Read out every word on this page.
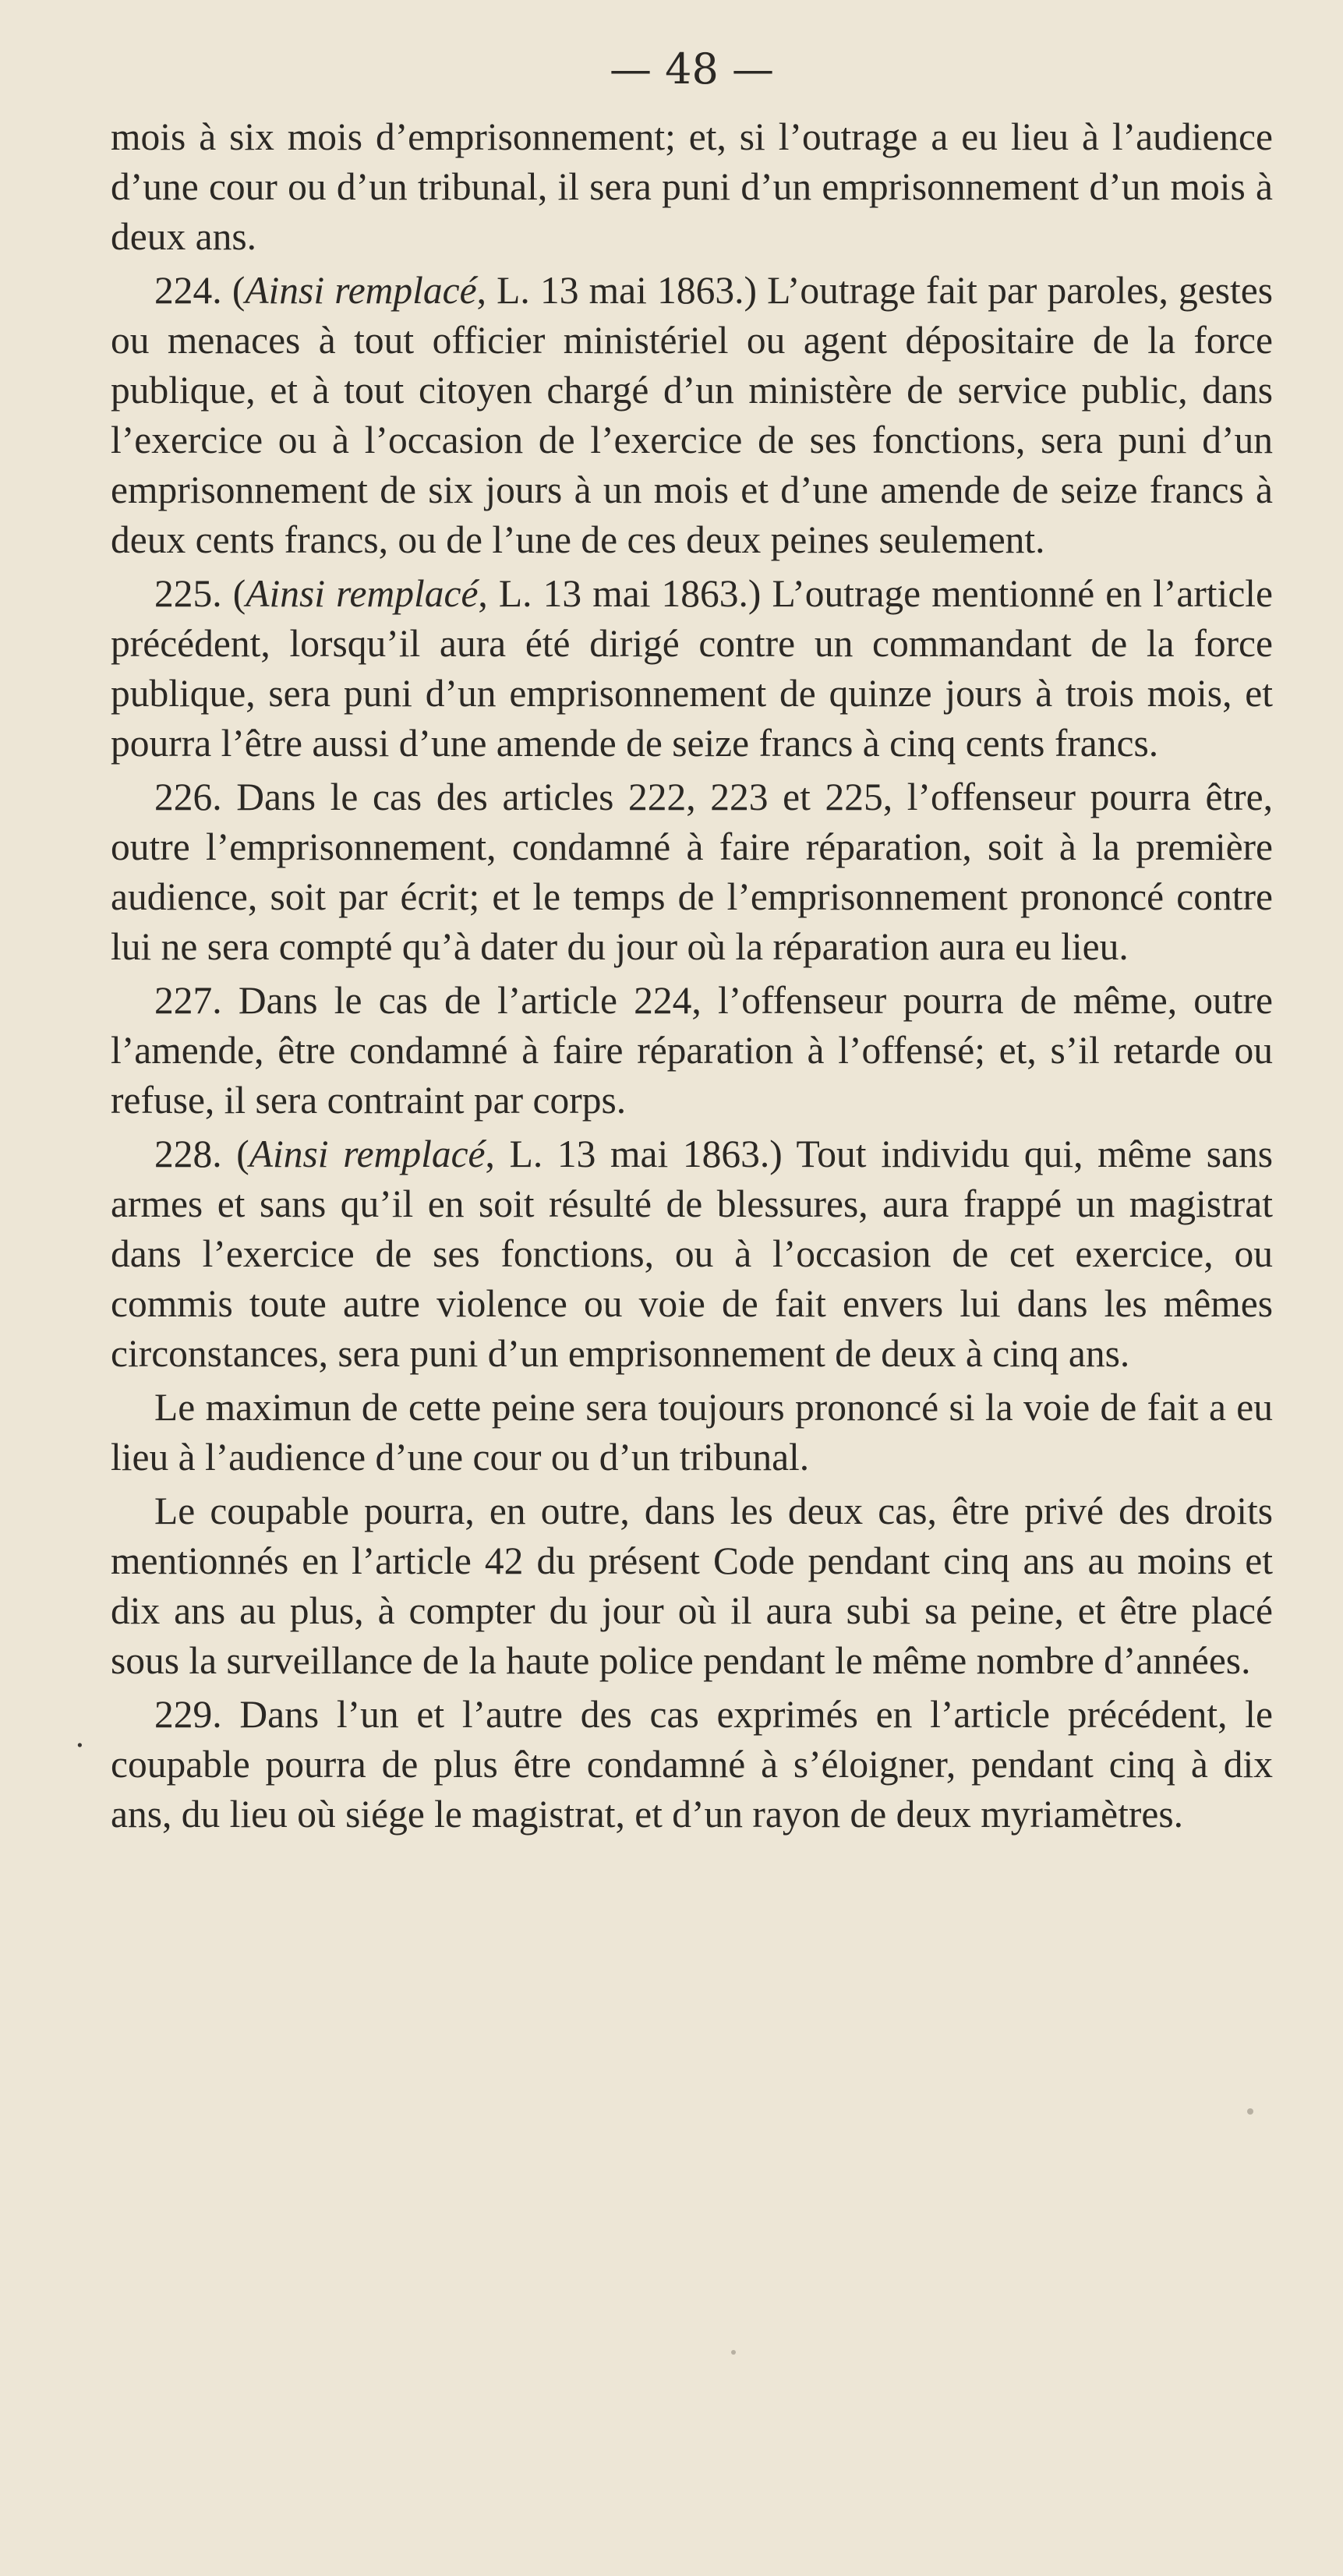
— 48 —

mois à six mois d’emprisonnement; et, si l’outrage a eu lieu à l’audience d’une cour ou d’un tribunal, il sera puni d’un emprisonnement d’un mois à deux ans.

224. (Ainsi remplacé, L. 13 mai 1863.) L’outrage fait par paroles, gestes ou menaces à tout officier ministériel ou agent dépositaire de la force publique, et à tout citoyen chargé d’un ministère de service public, dans l’exercice ou à l’occasion de l’exercice de ses fonctions, sera puni d’un emprisonnement de six jours à un mois et d’une amende de seize francs à deux cents francs, ou de l’une de ces deux peines seulement.

225. (Ainsi remplacé, L. 13 mai 1863.) L’outrage mentionné en l’article précédent, lorsqu’il aura été dirigé contre un commandant de la force publique, sera puni d’un emprisonnement de quinze jours à trois mois, et pourra l’être aussi d’une amende de seize francs à cinq cents francs.

226. Dans le cas des articles 222, 223 et 225, l’offenseur pourra être, outre l’emprisonnement, condamné à faire réparation, soit à la première audience, soit par écrit; et le temps de l’emprisonnement prononcé contre lui ne sera compté qu’à dater du jour où la réparation aura eu lieu.

227. Dans le cas de l’article 224, l’offenseur pourra de même, outre l’amende, être condamné à faire réparation à l’offensé; et, s’il retarde ou refuse, il sera contraint par corps.

228. (Ainsi remplacé, L. 13 mai 1863.) Tout individu qui, même sans armes et sans qu’il en soit résulté de blessures, aura frappé un magistrat dans l’exercice de ses fonctions, ou à l’occasion de cet exercice, ou commis toute autre violence ou voie de fait envers lui dans les mêmes circonstances, sera puni d’un emprisonnement de deux à cinq ans.

Le maximun de cette peine sera toujours prononcé si la voie de fait a eu lieu à l’audience d’une cour ou d’un tribunal.

Le coupable pourra, en outre, dans les deux cas, être privé des droits mentionnés en l’article 42 du présent Code pendant cinq ans au moins et dix ans au plus, à compter du jour où il aura subi sa peine, et être placé sous la surveillance de la haute police pendant le même nombre d’années.

229. Dans l’un et l’autre des cas exprimés en l’article précédent, le coupable pourra de plus être condamné à s’éloigner, pendant cinq à dix ans, du lieu où siége le magistrat, et d’un rayon de deux myriamètres.

.
